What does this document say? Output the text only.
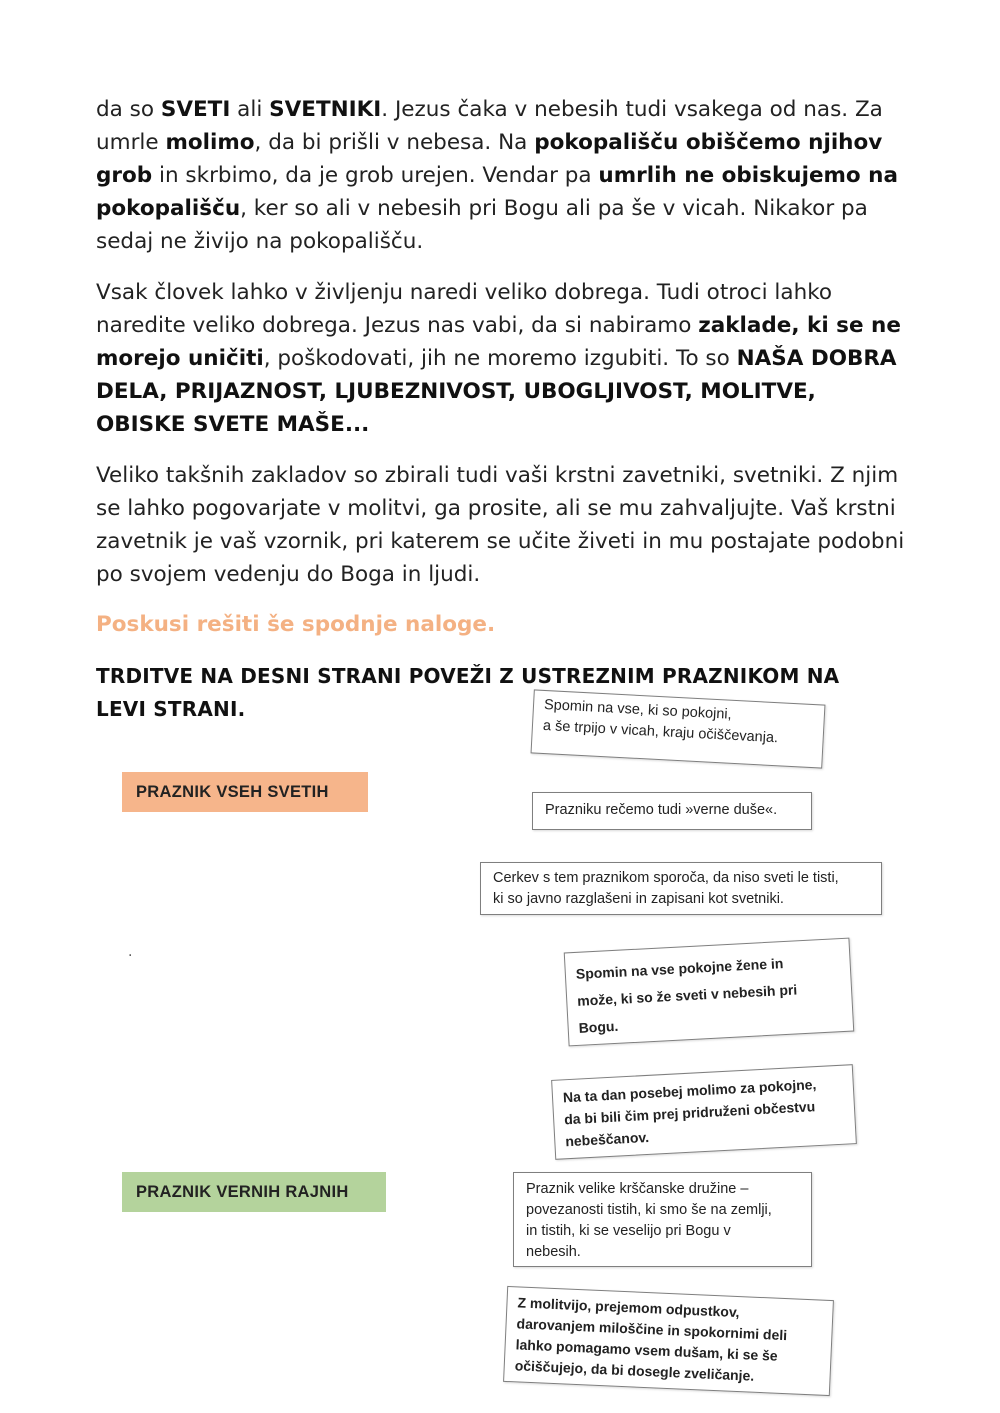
da so SVETI ali SVETNIKI. Jezus čaka v nebesih tudi vsakega od nas. Za umrle molimo, da bi prišli v nebesa. Na pokopališču obiščemo njihov grob in skrbimo, da je grob urejen. Vendar pa umrlih ne obiskujemo na pokopališču, ker so ali v nebesih pri Bogu ali pa še v vicah. Nikakor pa sedaj ne živijo na pokopališču.

Vsak človek lahko v življenju naredi veliko dobrega. Tudi otroci lahko naredite veliko dobrega. Jezus nas vabi, da si nabiramo zaklade, ki se ne morejo uničiti, poškodovati, jih ne moremo izgubiti. To so NAŠA DOBRA DELA, PRIJAZNOST, LJUBEZNIVOST, UBOGLJIVOST, MOLITVE, OBISKE SVETE MAŠE...

Veliko takšnih zakladov so zbirali tudi vaši krstni zavetniki, svetniki. Z njim se lahko pogovarjate v molitvi, ga prosite, ali se mu zahvaljujte. Vaš krstni zavetnik je vaš vzornik, pri katerem se učite živeti in mu postajate podobni po svojem vedenju do Boga in ljudi.

Poskusi rešiti še spodnje naloge.

TRDITVE NA DESNI STRANI POVEŽI Z USTREZNIM PRAZNIKOM NA LEVI STRANI.

PRAZNIK VSEH SVETIH
PRAZNIK VERNIH RAJNIH
.
Spomin na vse, ki so pokojni,
a še trpijo v vicah, kraju očiščevanja.
Prazniku rečemo tudi »verne duše«.
Cerkev s tem praznikom sporoča, da niso sveti le tisti,
ki so javno razglašeni in zapisani kot svetniki.
Spomin na vse pokojne žene in
može, ki so že sveti v nebesih pri
Bogu.
Na ta dan posebej molimo za pokojne,
da bi bili čim prej pridruženi občestvu
nebeščanov.
Praznik velike krščanske družine –
povezanosti tistih, ki smo še na zemlji,
in tistih, ki se veselijo pri Bogu v
nebesih.
Z molitvijo, prejemom odpustkov,
darovanjem miloščine in spokornimi deli
lahko pomagamo vsem dušam, ki se še
očiščujejo, da bi dosegle zveličanje.
